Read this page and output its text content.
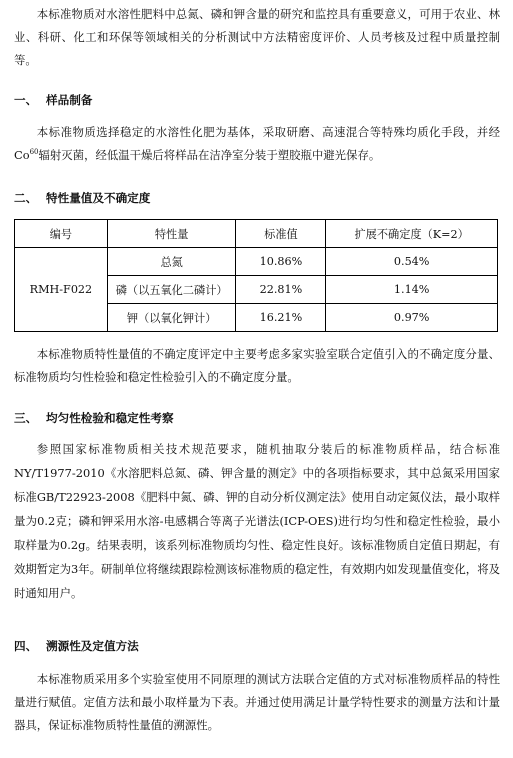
本标准物质对水溶性肥料中总氮、磷和钾含量的研究和监控具有重要意义，可用于农业、林业、科研、化工和环保等领域相关的分析测试中方法精密度评价、人员考核及过程中质量控制等。

一、 样品制备

本标准物质选择稳定的水溶性化肥为基体，采取研磨、高速混合等特殊均质化手段，并经Co$^{60}$辐射灭菌，经低温干燥后将样品在洁净室分装于塑胶瓶中避光保存。

二、 特性量值及不确定度
编号	特性量	标准值	扩展不确定度（K=2）
RMH-F022	总氮	10.86%	0.54%
	磷（以五氧化二磷计）	22.81%	1.14%
	钾（以氧化钾计）	16.21%	0.97%

本标准物质特性量值的不确定度评定中主要考虑多家实验室联合定值引入的不确定度分量、标准物质均匀性检验和稳定性检验引入的不确定度分量。

三、 均匀性检验和稳定性考察

参照国家标准物质相关技术规范要求，随机抽取分装后的标准物质样品，结合标准NY/T1977-2010《水溶肥料总氮、磷、钾含量的测定》中的各项指标要求，其中总氮采用国家标准GB/T22923-2008《肥料中氮、磷、钾的自动分析仪测定法》使用自动定氮仪法，最小取样量为0.2克；磷和钾采用水溶-电感耦合等离子光谱法(ICP-OES)进行均匀性和稳定性检验，最小取样量为0.2g。结果表明，该系列标准物质均匀性、稳定性良好。该标准物质自定值日期起，有效期暂定为3年。研制单位将继续跟踪检测该标准物质的稳定性，有效期内如发现量值变化，将及时通知用户。

四、 溯源性及定值方法

本标准物质采用多个实验室使用不同原理的测试方法联合定值的方式对标准物质样品的特性量进行赋值。定值方法和最小取样量为下表。并通过使用满足计量学特性要求的测量方法和计量器具，保证标准物质特性量值的溯源性。
